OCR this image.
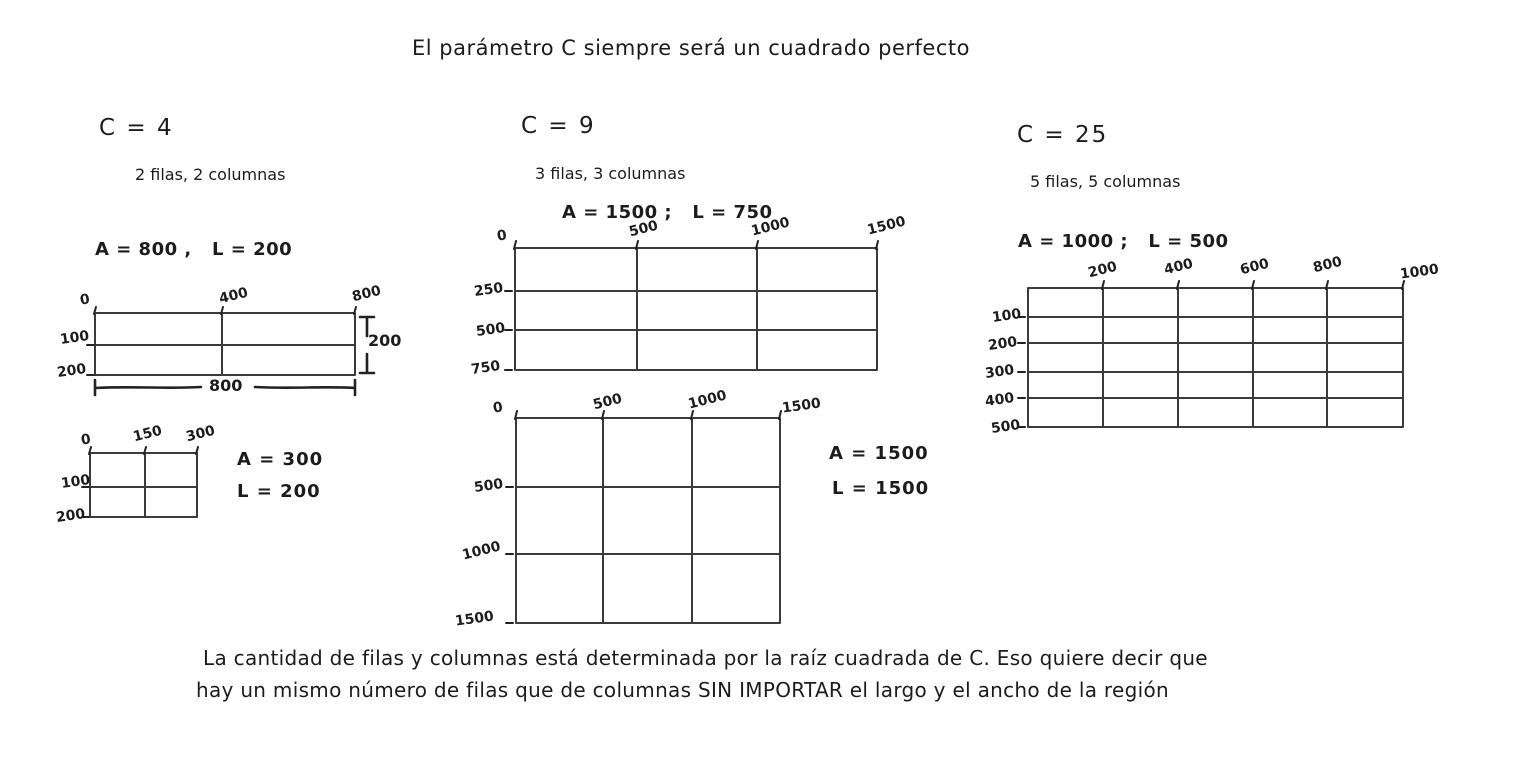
El parámetro C siempre será un cuadrado perfecto
C = 4
2 filas, 2 columnas
A = 800 ,   L = 200
0	400	800
100
200
200
800
0	150 300
100
200
A = 300
L = 200
C = 9
3 filas, 3 columnas
A = 1500 ;   L = 750
0	500	1000	1500
250
500
750
0	500	1000	1500
500
1000
1500
A = 1500
L = 1500
C = 25
5 filas, 5 columnas
A = 1000 ;   L = 500
200	400	600	800	1000
100
200
300
400
500
La cantidad de filas y columnas está determinada por la raíz cuadrada de C. Eso quiere decir que
hay un mismo número de filas que de columnas SIN IMPORTAR el largo y el ancho de la región
